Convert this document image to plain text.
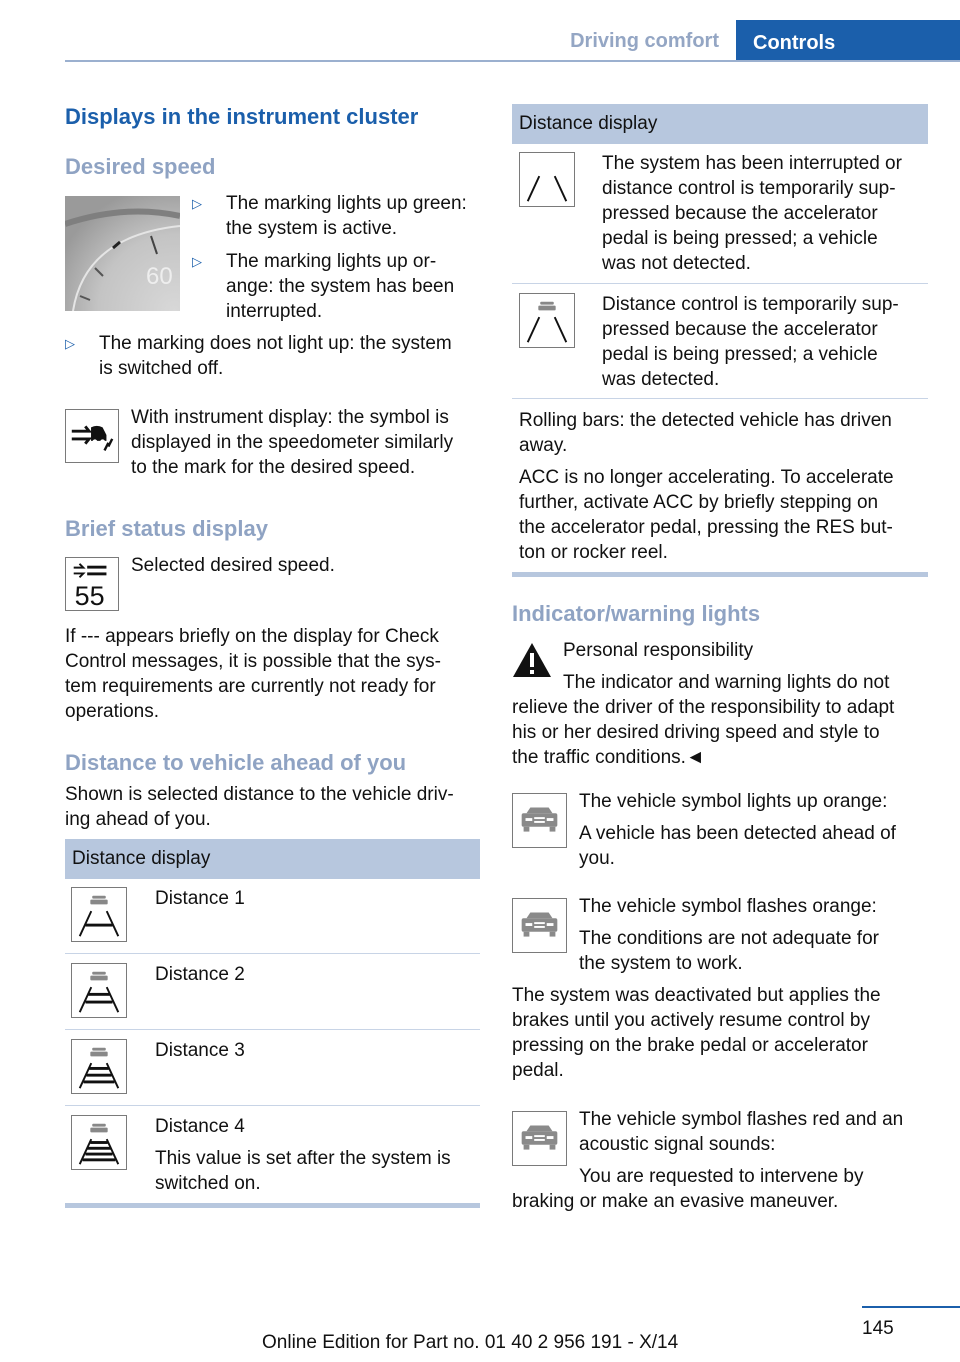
Driving comfort	Controls
Displays in the instrument cluster
Desired speed
60
▷ The marking lights up green:
the system is active.
▷ The marking lights up or-
ange: the system has been
interrupted.
▷ The marking does not light up: the system
is switched off.
With instrument display: the symbol is
displayed in the speedometer similarly
to the mark for the desired speed.
Brief status display
55
Selected desired speed.
If --- appears briefly on the display for Check
Control messages, it is possible that the sys-
tem requirements are currently not ready for
operations.
Distance to vehicle ahead of you
Shown is selected distance to the vehicle driv-
ing ahead of you.
Distance display
Distance 1
Distance 2
Distance 3
Distance 4
This value is set after the system is
switched on.
Distance display
The system has been interrupted or
distance control is temporarily sup-
pressed because the accelerator
pedal is being pressed; a vehicle
was not detected.
Distance control is temporarily sup-
pressed because the accelerator
pedal is being pressed; a vehicle
was detected.
Rolling bars: the detected vehicle has driven
away.
ACC is no longer accelerating. To accelerate
further, activate ACC by briefly stepping on
the accelerator pedal, pressing the RES but-
ton or rocker reel.
Indicator/warning lights
Personal responsibility
The indicator and warning lights do not
relieve the driver of the responsibility to adapt
his or her desired driving speed and style to
the traffic conditions.◄
The vehicle symbol lights up orange:
A vehicle has been detected ahead of
you.
The vehicle symbol flashes orange:
The conditions are not adequate for
the system to work.
The system was deactivated but applies the
brakes until you actively resume control by
pressing on the brake pedal or accelerator
pedal.
The vehicle symbol flashes red and an
acoustic signal sounds:
You are requested to intervene by
braking or make an evasive maneuver.
145
Online Edition for Part no. 01 40 2 956 191 - X/14
